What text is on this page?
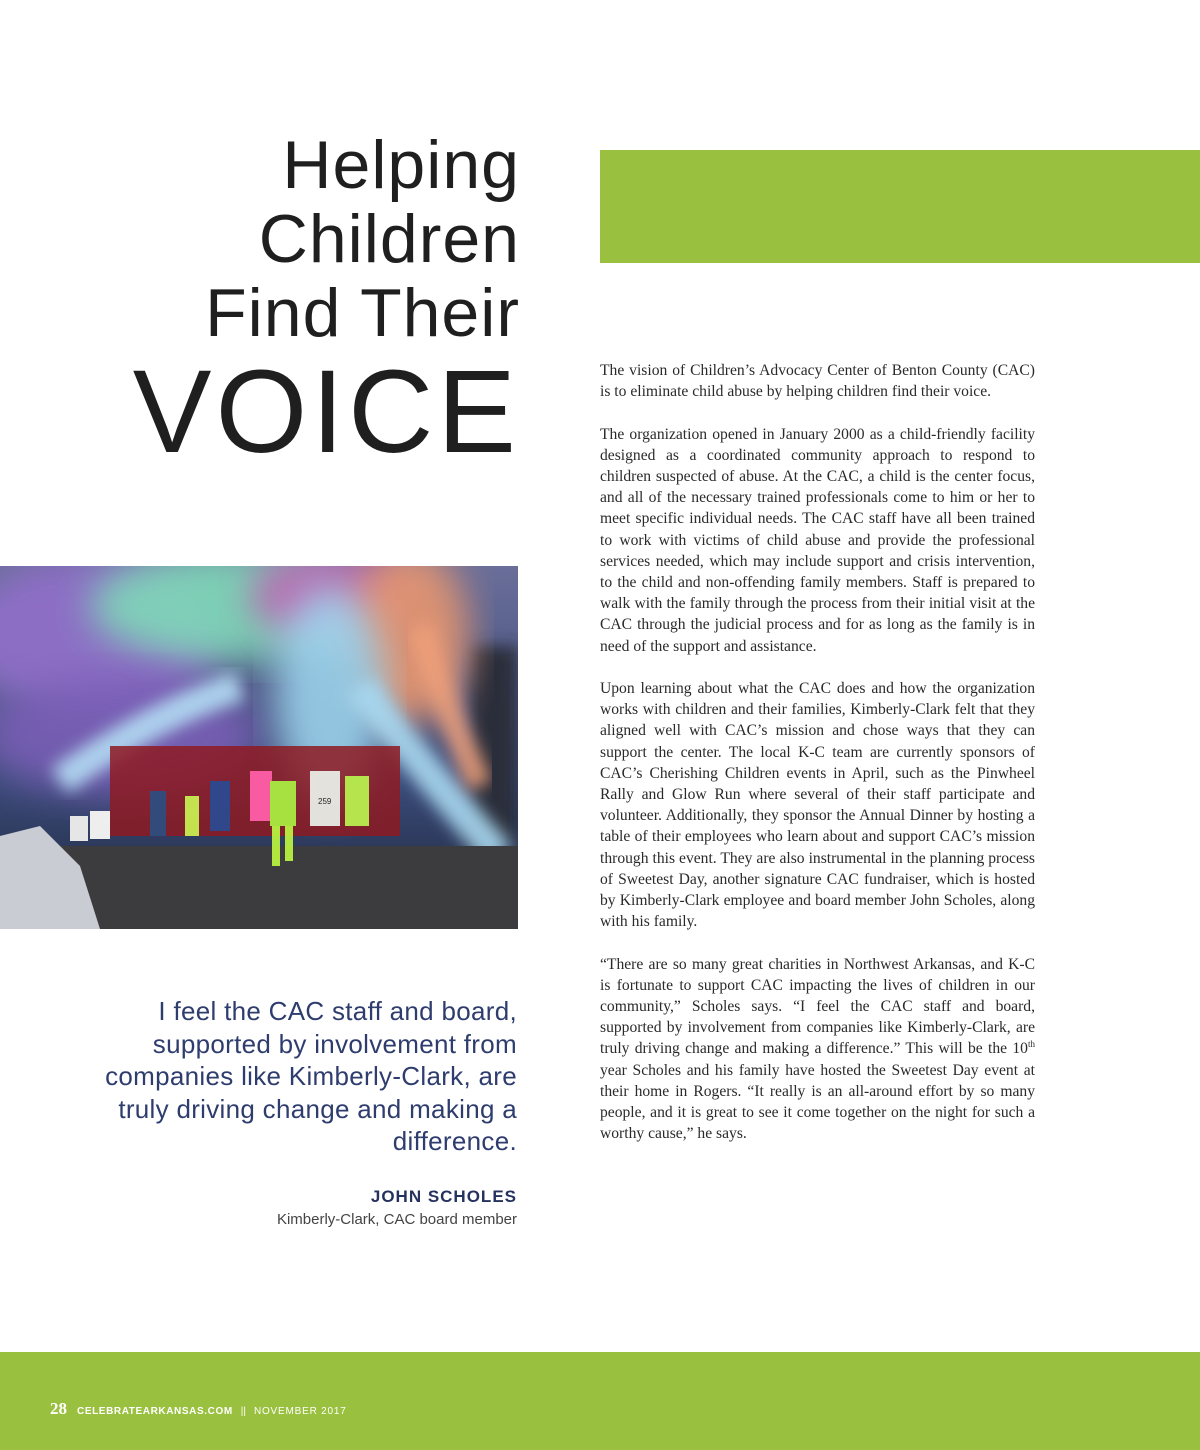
Helping
Children
Find Their
VOICE
259
I feel the CAC staff and board, supported by involvement from companies like Kimberly-Clark, are truly driving change and making a difference.
JOHN SCHOLES
Kimberly-Clark, CAC board member

The vision of Children’s Advocacy Center of Benton County (CAC) is to eliminate child abuse by helping children find their voice.

The organization opened in January 2000 as a child-friendly facility designed as a coordinated community approach to respond to children suspected of abuse. At the CAC, a child is the center focus, and all of the necessary trained professionals come to him or her to meet specific individual needs. The CAC staff have all been trained to work with victims of child abuse and provide the professional services needed, which may include support and crisis intervention, to the child and non-offending family members. Staff is prepared to walk with the family through the process from their initial visit at the CAC through the judicial process and for as long as the family is in need of the support and assistance.

Upon learning about what the CAC does and how the organization works with children and their families, Kimberly-Clark felt that they aligned well with CAC’s mission and chose ways that they can support the center. The local K-C team are currently sponsors of CAC’s Cherishing Children events in April, such as the Pinwheel Rally and Glow Run where several of their staff participate and volunteer. Additionally, they sponsor the Annual Dinner by hosting a table of their employees who learn about and support CAC’s mission through this event. They are also instrumental in the planning process of Sweetest Day, another signature CAC fundraiser, which is hosted by Kimberly-Clark employee and board member John Scholes, along with his family.

“There are so many great charities in Northwest Arkansas, and K-C is fortunate to support CAC impacting the lives of children in our community,” Scholes says. “I feel the CAC staff and board, supported by involvement from companies like Kimberly-Clark, are truly driving change and making a difference.” This will be the 10th year Scholes and his family have hosted the Sweetest Day event at their home in Rogers. “It really is an all-around effort by so many people, and it is great to see it come together on the night for such a worthy cause,” he says.

28 CELEBRATEARKANSAS.COM || NOVEMBER 2017
